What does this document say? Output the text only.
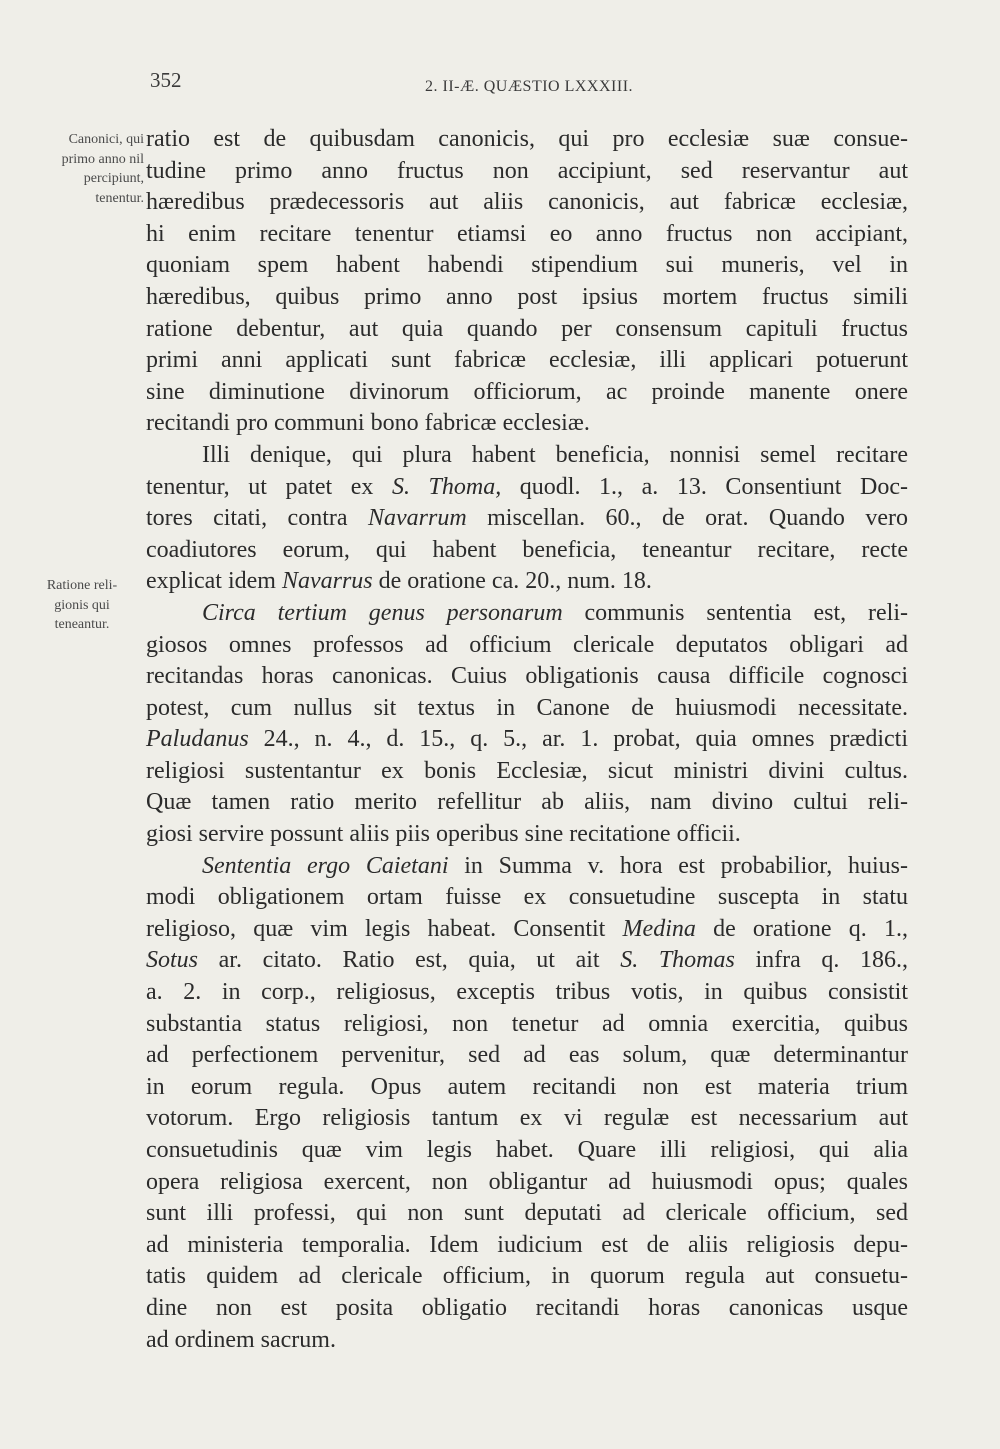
352	2. II-Æ. QUÆSTIO LXXXIII.
Canonici, qui
primo anno nil
percipiunt,
tenentur.
Ratione reli-
gionis qui
teneantur.
ratio est de quibusdam canonicis, qui pro ecclesiæ suæ consue-
tudine primo anno fructus non accipiunt, sed reservantur aut
hæredibus prædecessoris aut aliis canonicis, aut fabricæ ecclesiæ,
hi enim recitare tenentur etiamsi eo anno fructus non accipiant,
quoniam spem habent habendi stipendium sui muneris, vel in
hæredibus, quibus primo anno post ipsius mortem fructus simili
ratione debentur, aut quia quando per consensum capituli fructus
primi anni applicati sunt fabricæ ecclesiæ, illi applicari potuerunt
sine diminutione divinorum officiorum, ac proinde manente onere
recitandi pro communi bono fabricæ ecclesiæ.
Illi denique, qui plura habent beneficia, nonnisi semel recitare
tenentur, ut patet ex S. Thoma, quodl. 1., a. 13. Consentiunt Doc-
tores citati, contra Navarrum miscellan. 60., de orat. Quando vero
coadiutores eorum, qui habent beneficia, teneantur recitare, recte
explicat idem Navarrus de oratione ca. 20., num. 18.
Circa tertium genus personarum communis sententia est, reli-
giosos omnes professos ad officium clericale deputatos obligari ad
recitandas horas canonicas. Cuius obligationis causa difficile cognosci
potest, cum nullus sit textus in Canone de huiusmodi necessitate.
Paludanus 24., n. 4., d. 15., q. 5., ar. 1. probat, quia omnes prædicti
religiosi sustentantur ex bonis Ecclesiæ, sicut ministri divini cultus.
Quæ tamen ratio merito refellitur ab aliis, nam divino cultui reli-
giosi servire possunt aliis piis operibus sine recitatione officii.
Sententia ergo Caietani in Summa v. hora est probabilior, huius-
modi obligationem ortam fuisse ex consuetudine suscepta in statu
religioso, quæ vim legis habeat. Consentit Medina de oratione q. 1.,
Sotus ar. citato. Ratio est, quia, ut ait S. Thomas infra q. 186.,
a. 2. in corp., religiosus, exceptis tribus votis, in quibus consistit
substantia status religiosi, non tenetur ad omnia exercitia, quibus
ad perfectionem pervenitur, sed ad eas solum, quæ determinantur
in eorum regula. Opus autem recitandi non est materia trium
votorum. Ergo religiosis tantum ex vi regulæ est necessarium aut
consuetudinis quæ vim legis habet. Quare illi religiosi, qui alia
opera religiosa exercent, non obligantur ad huiusmodi opus; quales
sunt illi professi, qui non sunt deputati ad clericale officium, sed
ad ministeria temporalia. Idem iudicium est de aliis religiosis depu-
tatis quidem ad clericale officium, in quorum regula aut consuetu-
dine non est posita obligatio recitandi horas canonicas usque
ad ordinem sacrum.
